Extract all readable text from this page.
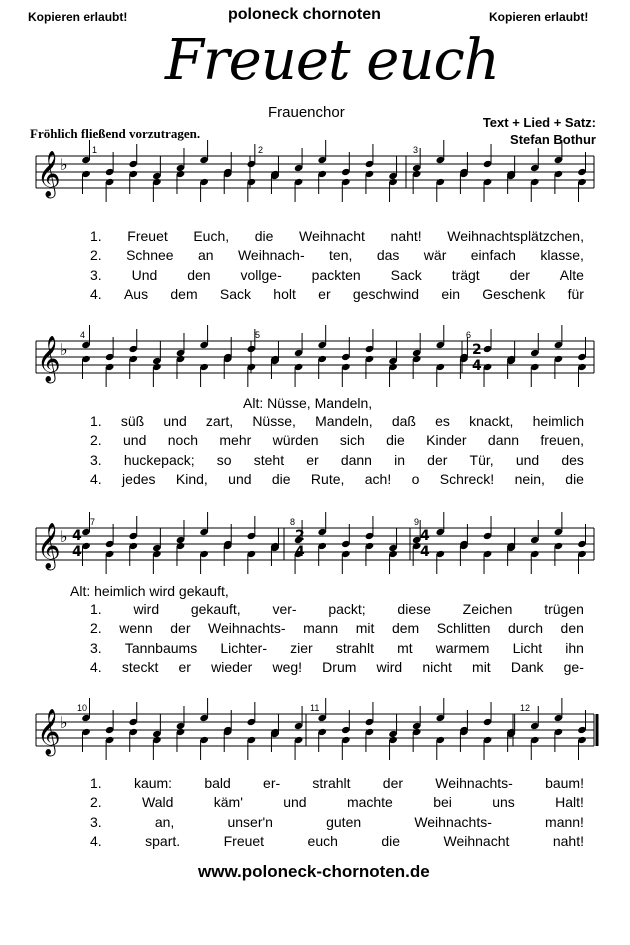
Kopieren erlaubt!	poloneck chornoten	Kopieren erlaubt!
Freuet euch
Frauenchor
Text + Lied + Satz:
Stefan Bothur
Fröhlich fließend vorzutragen.
𝄞 ♭
𝄞 ♭
𝄞 ♭
𝄞 ♭
2
4
4
4
2
4
4
4
1	2	3
4	5	6
7	8	9
10	11	12
Alt: Nüsse, Mandeln,
Alt: heimlich wird gekauft,
1. Freuet Euch, die Weihnacht naht! Weihnachtsplätzchen,
2. Schnee an Weihnach- ten, das wär einfach klasse,
3. Und den vollge- packten Sack trägt der Alte
4. Aus dem Sack holt er geschwind ein Geschenk für
1. süß und zart, Nüsse, Mandeln, daß es knackt, heimlich
2. und noch mehr würden sich die Kinder dann freuen,
3. huckepack; so steht er dann in der Tür, und des
4. jedes Kind, und die Rute, ach! o Schreck! nein, die
1. wird gekauft, ver- packt; diese Zeichen trügen
2. wenn der Weihnachts- mann mit dem Schlitten durch den
3. Tannbaums Lichter- zier strahlt mt warmem Licht ihn
4. steckt er wieder weg! Drum wird nicht mit Dank ge-
1. kaum: bald er- strahlt der Weihnachts- baum!
2.	Wald	käm'	und	machte	bei	uns	Halt!
3.	an,	unser'n	guten	Weihnachts-	mann!
4.	spart.	Freuet	euch	die	Weihnacht	naht!
www.poloneck-chornoten.de
